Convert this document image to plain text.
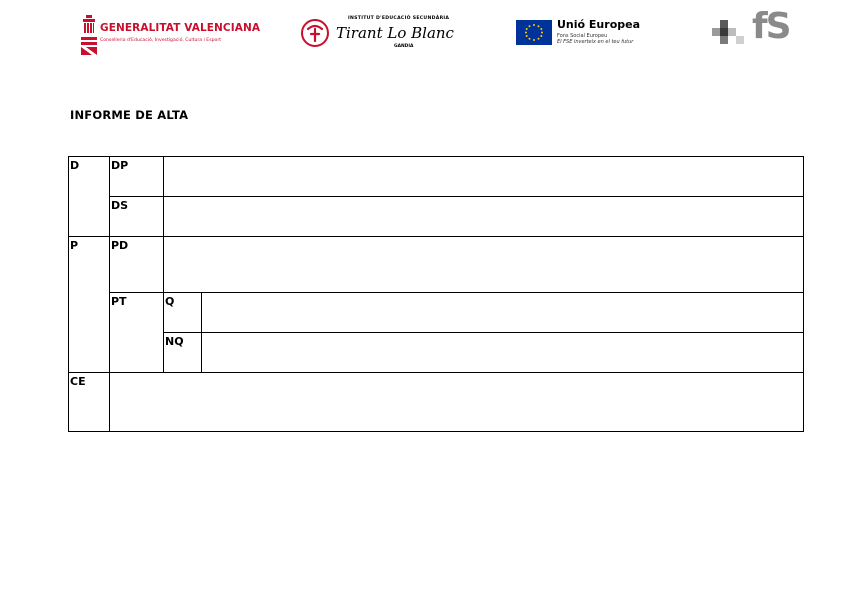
GENERALITAT VALENCIANA
Conselleria d'Educació, Investigació, Cultura i Esport
INSTITUT D'EDUCACIÓ SECUNDÀRIA
Tirant Lo Blanc
GANDIA
Unió Europea
Fons Social Europeu
El FSE inverteix en el teu futur	fS
INFORME DE ALTA
D	DP		
	DS		
P	PD		
	PT	Q	
		NQ	
CE			
